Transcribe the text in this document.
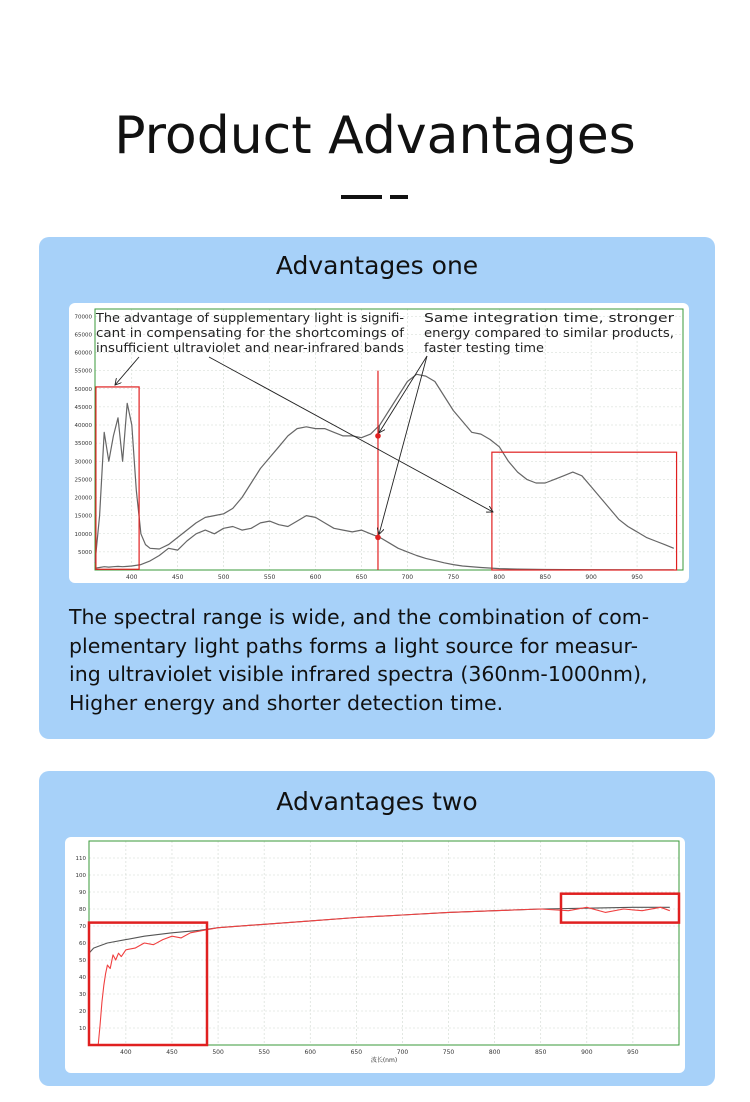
Product Advantages
Advantages one
400	450	500	550	600	650	700	750	800	850	900	950
5000
10000
15000
20000
25000
30000
35000
40000
45000
50000
55000
60000
65000
70000 The advantage of supplementary light is signifi-
cant in compensating for the shortcomings of
insufficient ultraviolet and near-infrared bands
Same integration time, stronger
energy compared to similar products,
faster testing time

The spectral range is wide, and the combination of com-

plementary light paths forms a light source for measur-

ing ultraviolet visible infrared spectra (360nm-1000nm),

Higher energy and shorter detection time.

Advantages two
400	450	500	550	600	650	700	750	800	850	900	950
10
20
30
40
50
60
70
80
90
100
110
波长(nm)
